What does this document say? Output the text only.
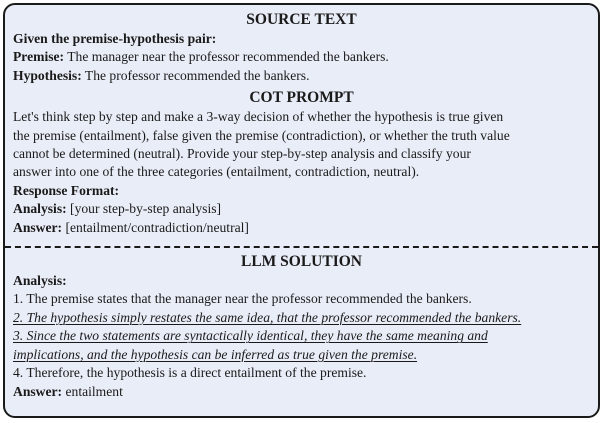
SOURCE TEXT
Given the premise-hypothesis pair:
Premise: The manager near the professor recommended the bankers.
Hypothesis: The professor recommended the bankers.
COT PROMPT
Let's think step by step and make a 3-way decision of whether the hypothesis is true given
the premise (entailment), false given the premise (contradiction), or whether the truth value
cannot be determined (neutral). Provide your step-by-step analysis and classify your
answer into one of the three categories (entailment, contradiction, neutral).
Response Format:
Analysis: [your step-by-step analysis]
Answer: [entailment/contradiction/neutral]
LLM SOLUTION
Analysis:
1. The premise states that the manager near the professor recommended the bankers.
2. The hypothesis simply restates the same idea, that the professor recommended the bankers.
3. Since the two statements are syntactically identical, they have the same meaning and
implications, and the hypothesis can be inferred as true given the premise.
4. Therefore, the hypothesis is a direct entailment of the premise.
Answer: entailment
